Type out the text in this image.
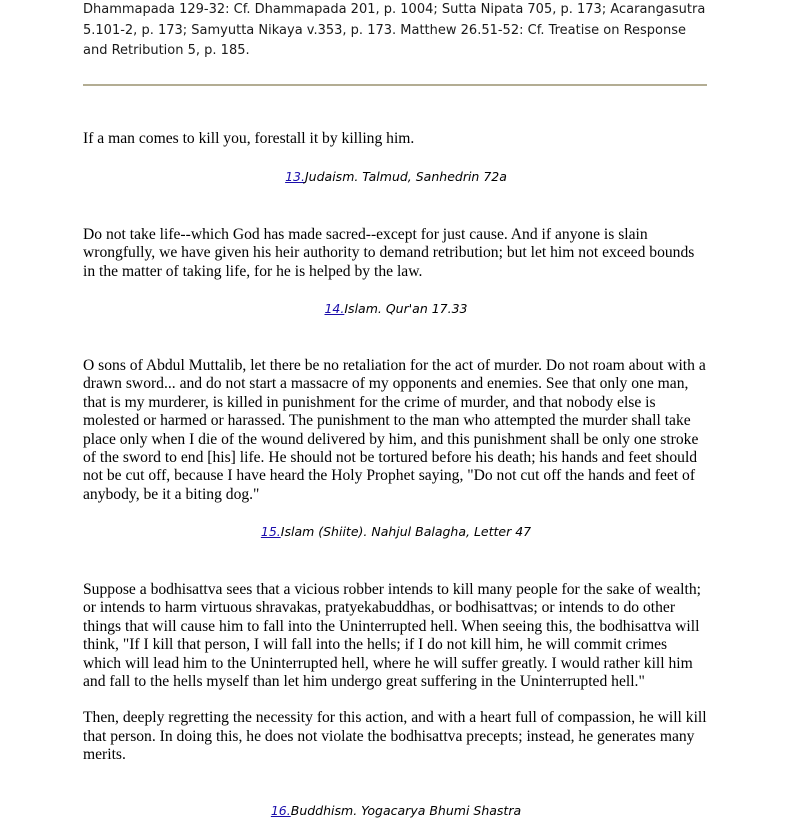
Dhammapada 129-32: Cf. Dhammapada 201, p. 1004; Sutta Nipata 705, p. 173; Acarangasutra 5.101-2, p. 173; Samyutta Nikaya v.353, p. 173. Matthew 26.51-52: Cf. Treatise on Response and Retribution 5, p. 185.

If a man comes to kill you, forestall it by killing him.

13.Judaism. Talmud, Sanhedrin 72a

Do not take life--which God has made sacred--except for just cause. And if anyone is slain wrongfully, we have given his heir authority to demand retribution; but let him not exceed bounds in the matter of taking life, for he is helped by the law.

14.Islam. Qur'an 17.33

O sons of Abdul Muttalib, let there be no retaliation for the act of murder. Do not roam about with a drawn sword... and do not start a massacre of my opponents and enemies. See that only one man, that is my murderer, is killed in punishment for the crime of murder, and that nobody else is molested or harmed or harassed. The punishment to the man who attempted the murder shall take place only when I die of the wound delivered by him, and this punishment shall be only one stroke of the sword to end [his] life. He should not be tortured before his death; his hands and feet should not be cut off, because I have heard the Holy Prophet saying, "Do not cut off the hands and feet of anybody, be it a biting dog."

15.Islam (Shiite). Nahjul Balagha, Letter 47

Suppose a bodhisattva sees that a vicious robber intends to kill many people for the sake of wealth; or intends to harm virtuous shravakas, pratyekabuddhas, or bodhisattvas; or intends to do other things that will cause him to fall into the Uninterrupted hell. When seeing this, the bodhisattva will think, "If I kill that person, I will fall into the hells; if I do not kill him, he will commit crimes which will lead him to the Uninterrupted hell, where he will suffer greatly. I would rather kill him and fall to the hells myself than let him undergo great suffering in the Uninterrupted hell."

Then, deeply regretting the necessity for this action, and with a heart full of compassion, he will kill that person. In doing this, he does not violate the bodhisattva precepts; instead, he generates many merits.

16.Buddhism. Yogacarya Bhumi Shastra
